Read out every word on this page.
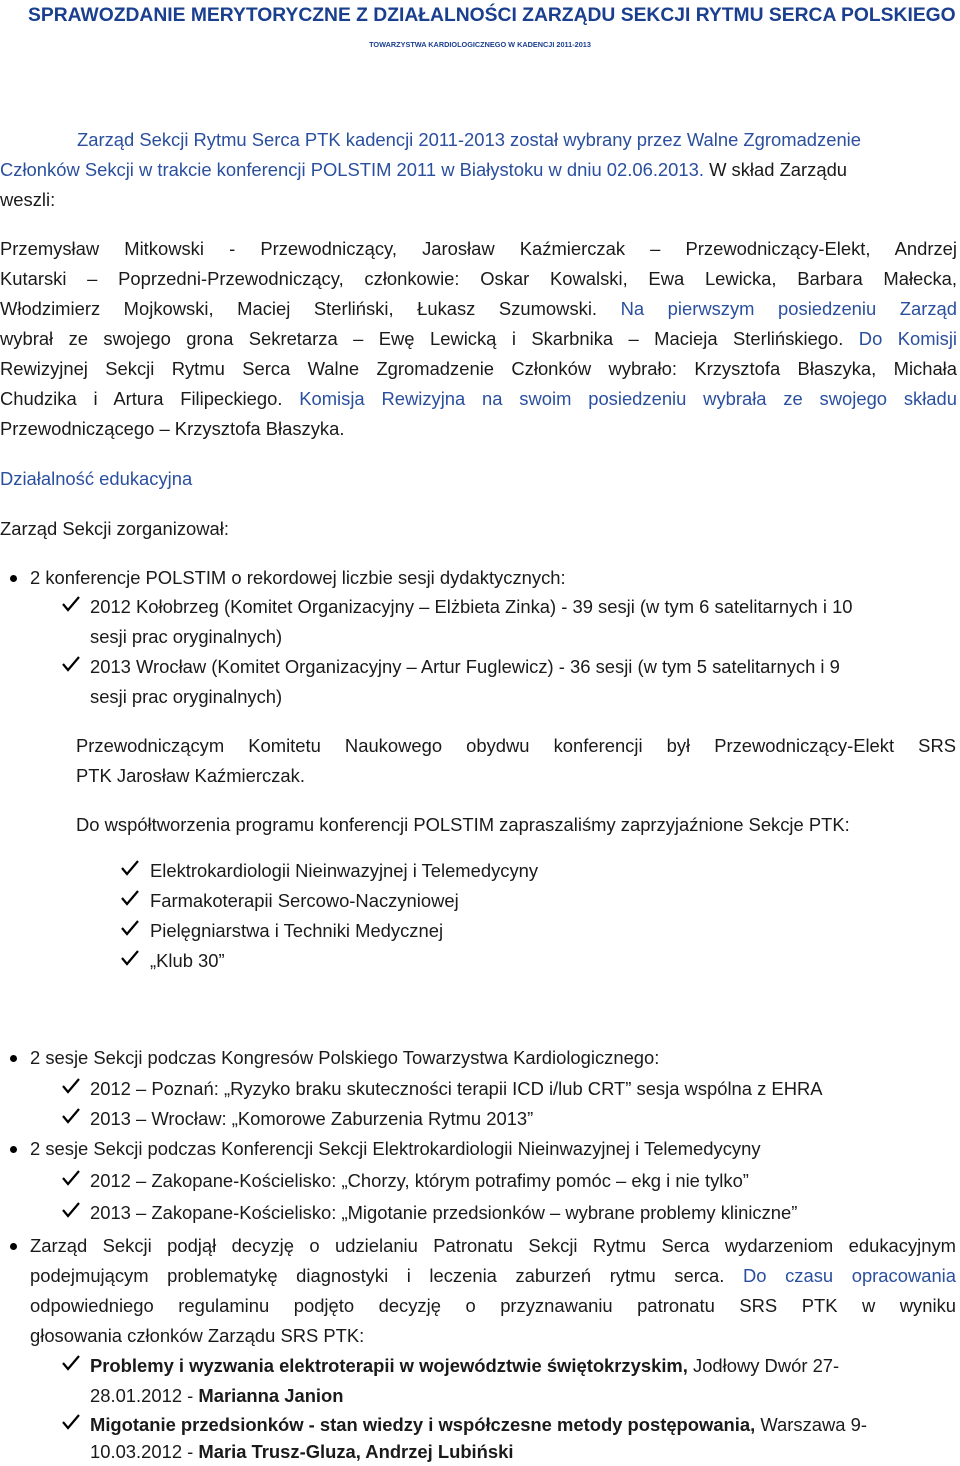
SPRAWOZDANIE MERYTORYCZNE Z DZIAŁALNOŚCI ZARZĄDU SEKCJI RYTMU SERCA POLSKIEGO
TOWARZYSTWA KARDIOLOGICZNEGO W KADENCJI 2011-2013
Zarząd Sekcji Rytmu Serca PTK kadencji 2011-2013 został wybrany przez Walne Zgromadzenie
Członków Sekcji w trakcie konferencji POLSTIM 2011 w Białystoku w dniu 02.06.2013. W skład Zarządu
weszli:
Przemysław Mitkowski - Przewodniczący, Jarosław Kaźmierczak – Przewodniczący-Elekt, Andrzej
Kutarski – Poprzedni-Przewodniczący, członkowie: Oskar Kowalski, Ewa Lewicka, Barbara Małecka,
Włodzimierz Mojkowski, Maciej Sterliński, Łukasz Szumowski. Na pierwszym posiedzeniu Zarząd
wybrał ze swojego grona Sekretarza – Ewę Lewicką i Skarbnika – Macieja Sterlińskiego. Do Komisji
Rewizyjnej Sekcji Rytmu Serca Walne Zgromadzenie Członków wybrało: Krzysztofa Błaszyka, Michała
Chudzika i Artura Filipeckiego. Komisja Rewizyjna na swoim posiedzeniu wybrała ze swojego składu
Przewodniczącego – Krzysztofa Błaszyka.
Działalność edukacyjna
Zarząd Sekcji zorganizował:
2 konferencje POLSTIM o rekordowej liczbie sesji dydaktycznych:
2012 Kołobrzeg (Komitet Organizacyjny – Elżbieta Zinka) - 39 sesji (w tym 6 satelitarnych i 10
sesji prac oryginalnych)
2013 Wrocław (Komitet Organizacyjny – Artur Fuglewicz) - 36 sesji (w tym 5 satelitarnych i 9
sesji prac oryginalnych)
Przewodniczącym Komitetu Naukowego obydwu konferencji był Przewodniczący-Elekt SRS
PTK Jarosław Kaźmierczak.
Do współtworzenia programu konferencji POLSTIM zapraszaliśmy zaprzyjaźnione Sekcje PTK:
Elektrokardiologii Nieinwazyjnej i Telemedycyny
Farmakoterapii Sercowo-Naczyniowej
Pielęgniarstwa i Techniki Medycznej
„Klub 30”
2 sesje Sekcji podczas Kongresów Polskiego Towarzystwa Kardiologicznego:
2012 – Poznań: „Ryzyko braku skuteczności terapii ICD i/lub CRT” sesja wspólna z EHRA
2013 – Wrocław: „Komorowe Zaburzenia Rytmu 2013”
2 sesje Sekcji podczas Konferencji Sekcji Elektrokardiologii Nieinwazyjnej i Telemedycyny
2012 – Zakopane-Kościelisko: „Chorzy, którym potrafimy pomóc – ekg i nie tylko”
2013 – Zakopane-Kościelisko: „Migotanie przedsionków – wybrane problemy kliniczne”
Zarząd Sekcji podjął decyzję o udzielaniu Patronatu Sekcji Rytmu Serca wydarzeniom edukacyjnym
podejmującym problematykę diagnostyki i leczenia zaburzeń rytmu serca. Do czasu opracowania
odpowiedniego regulaminu podjęto decyzję o przyznawaniu patronatu SRS PTK w wyniku
głosowania członków Zarządu SRS PTK:
Problemy i wyzwania elektroterapii w województwie świętokrzyskim, Jodłowy Dwór 27-
28.01.2012 - Marianna Janion
Migotanie przedsionków - stan wiedzy i współczesne metody postępowania, Warszawa 9-
10.03.2012 - Maria Trusz-Gluza, Andrzej Lubiński
